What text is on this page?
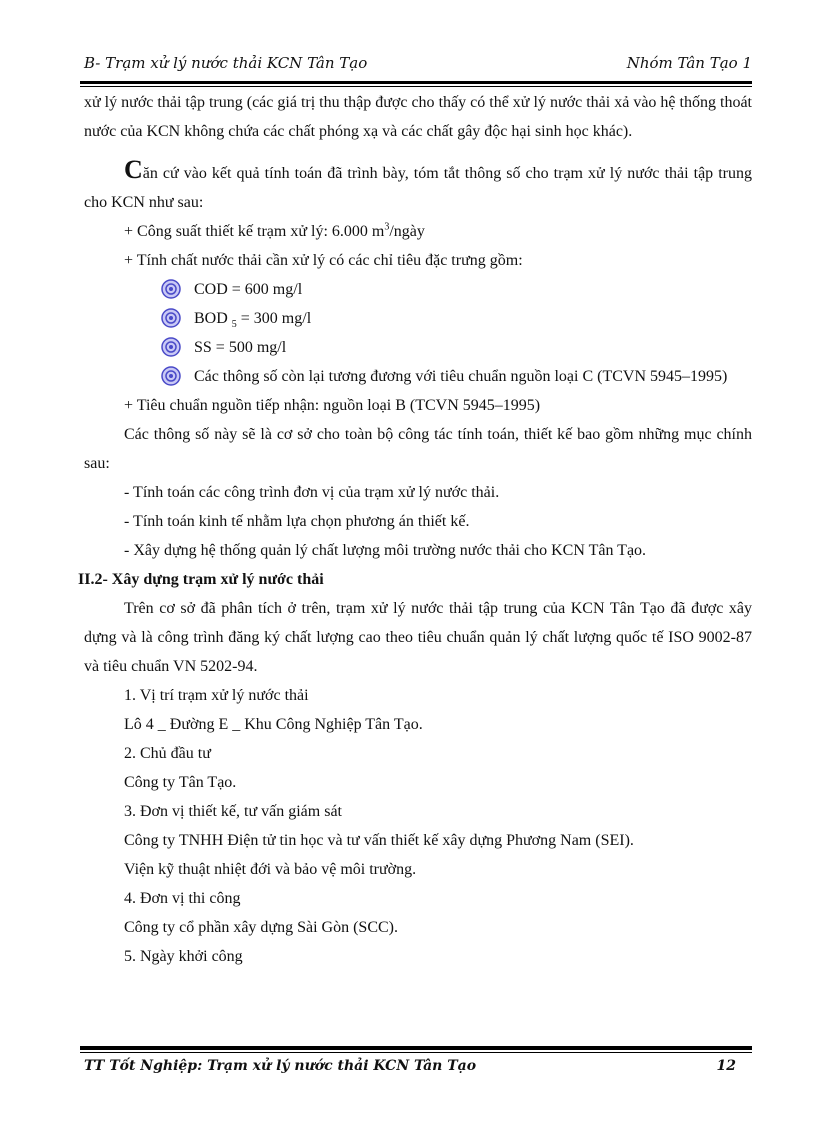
B- Trạm xử lý nước thải KCN Tân Tạo	Nhóm Tân Tạo 1

xử lý nước thải tập trung (các giá trị thu thập được cho thấy có thể xử lý nước thải xả vào hệ thống thoát nước của KCN không chứa các chất phóng xạ và các chất gây độc hại sinh học khác).

Căn cứ vào kết quả tính toán đã trình bày, tóm tắt thông số cho trạm xử lý nước thải tập trung cho KCN như sau:

+ Công suất thiết kế trạm xử lý: 6.000 $m^3$/ngày

+ Tính chất nước thải cần xử lý có các chỉ tiêu đặc trưng gồm:

COD = 600 mg/l
BOD $_5$ = 300 mg/l
SS = 500 mg/l
Các thông số còn lại tương đương với tiêu chuẩn nguồn loại C (TCVN 5945–1995)

+ Tiêu chuẩn nguồn tiếp nhận: nguồn loại B (TCVN 5945–1995)

Các thông số này sẽ là cơ sở cho toàn bộ công tác tính toán, thiết kế bao gồm những mục chính sau:

- Tính toán các công trình đơn vị của trạm xử lý nước thải.

- Tính toán kinh tế nhằm lựa chọn phương án thiết kế.

- Xây dựng hệ thống quản lý chất lượng môi trường nước thải cho KCN Tân Tạo.

II.2- Xây dựng trạm xử lý nước thải

Trên cơ sở đã phân tích ở trên, trạm xử lý nước thải tập trung của KCN Tân Tạo đã được xây dựng và là công trình đăng ký chất lượng cao theo tiêu chuẩn quản lý chất lượng quốc tế ISO 9002-87 và tiêu chuẩn VN 5202-94.

1. Vị trí trạm xử lý nước thải

Lô 4 _ Đường E _ Khu Công Nghiệp Tân Tạo.

2. Chủ đầu tư

Công ty Tân Tạo.

3. Đơn vị thiết kế, tư vấn giám sát

Công ty TNHH Điện tử tin học và tư vấn thiết kế xây dựng Phương Nam (SEI).

Viện kỹ thuật nhiệt đới và bảo vệ môi trường.

4. Đơn vị thi công

Công ty cổ phần xây dựng Sài Gòn (SCC).

5. Ngày khởi công

TT Tốt Nghiệp: Trạm xử lý nước thải KCN Tân Tạo	12
